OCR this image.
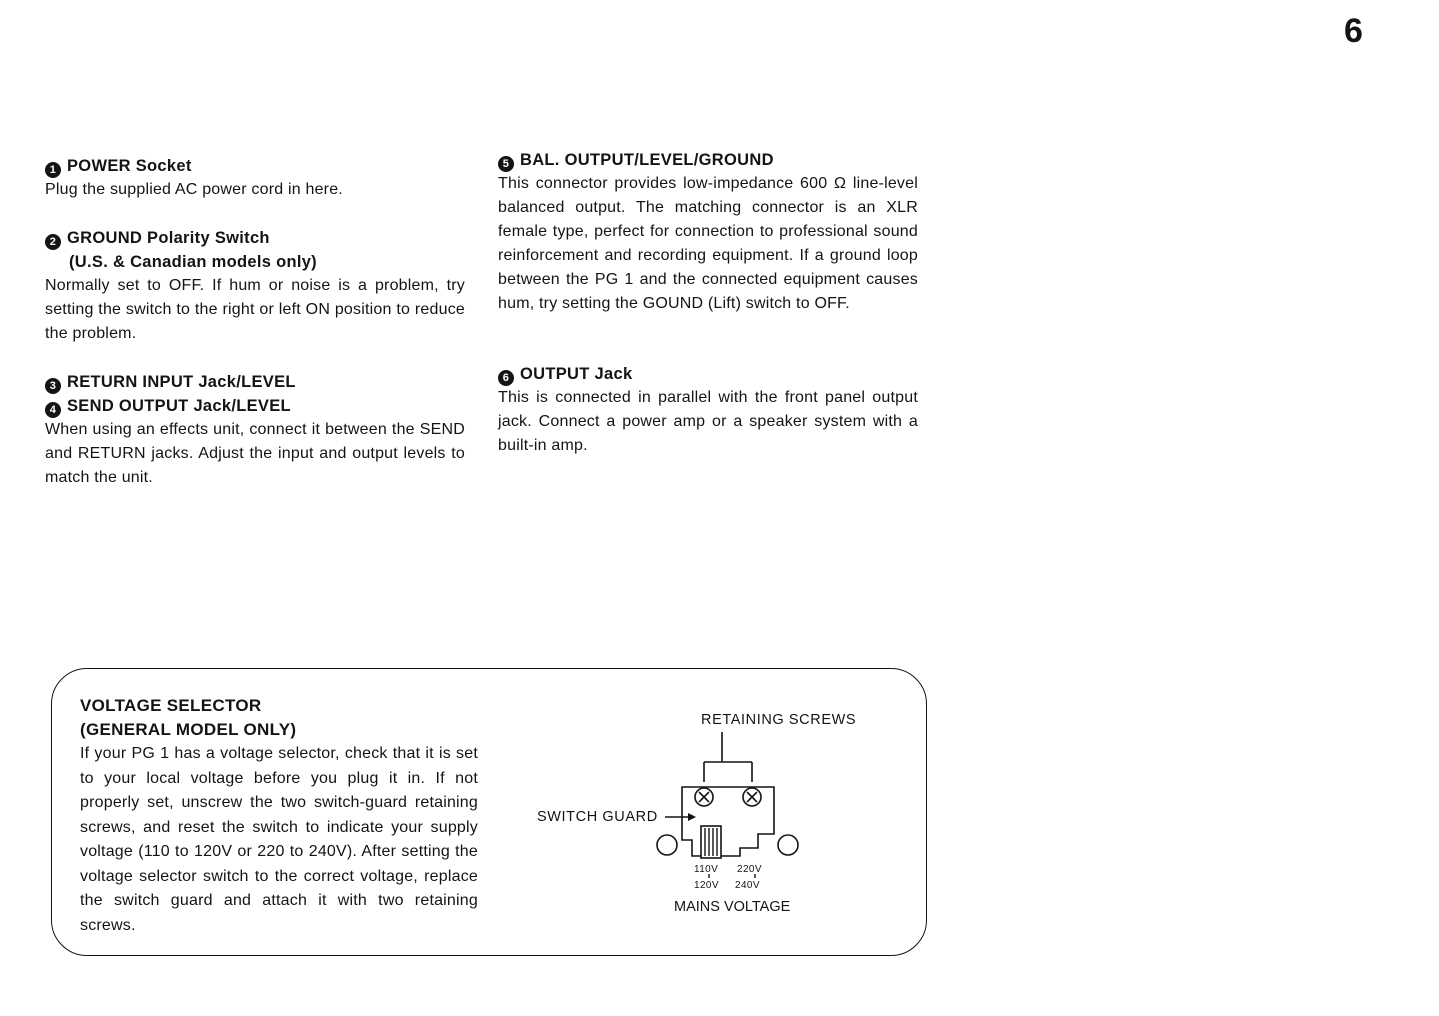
6
1 POWER Socket
Plug the supplied AC power cord in here.
2 GROUND Polarity Switch
(U.S. & Canadian models only)
Normally set to OFF. If hum or noise is a problem, try setting the switch to the right or left ON position to reduce the problem.
3 RETURN INPUT Jack/LEVEL
4 SEND OUTPUT Jack/LEVEL
When using an effects unit, connect it between the SEND and RETURN jacks. Adjust the input and output levels to match the unit.
5 BAL. OUTPUT/LEVEL/GROUND
This connector provides low-impedance 600 Ω line-level balanced output. The matching connector is an XLR female type, perfect for connection to professional sound reinforcement and recording equipment. If a ground loop between the PG 1 and the connected equipment causes hum, try setting the GOUND (Lift) switch to OFF.
6 OUTPUT Jack
This is connected in parallel with the front panel output jack. Connect a power amp or a speaker system with a built-in amp.
VOLTAGE SELECTOR
(GENERAL MODEL ONLY)
If your PG 1 has a voltage selector, check that it is set to your local voltage before you plug it in. If not properly set, unscrew the two switch-guard retaining screws, and reset the switch to indicate your supply voltage (110 to 120V or 220 to 240V). After setting the voltage selector switch to the correct voltage, replace the switch guard and attach it with two retaining screws.
RETAINING SCREWS
SWITCH GUARD
110V 220V
120V 240V
MAINS VOLTAGE
